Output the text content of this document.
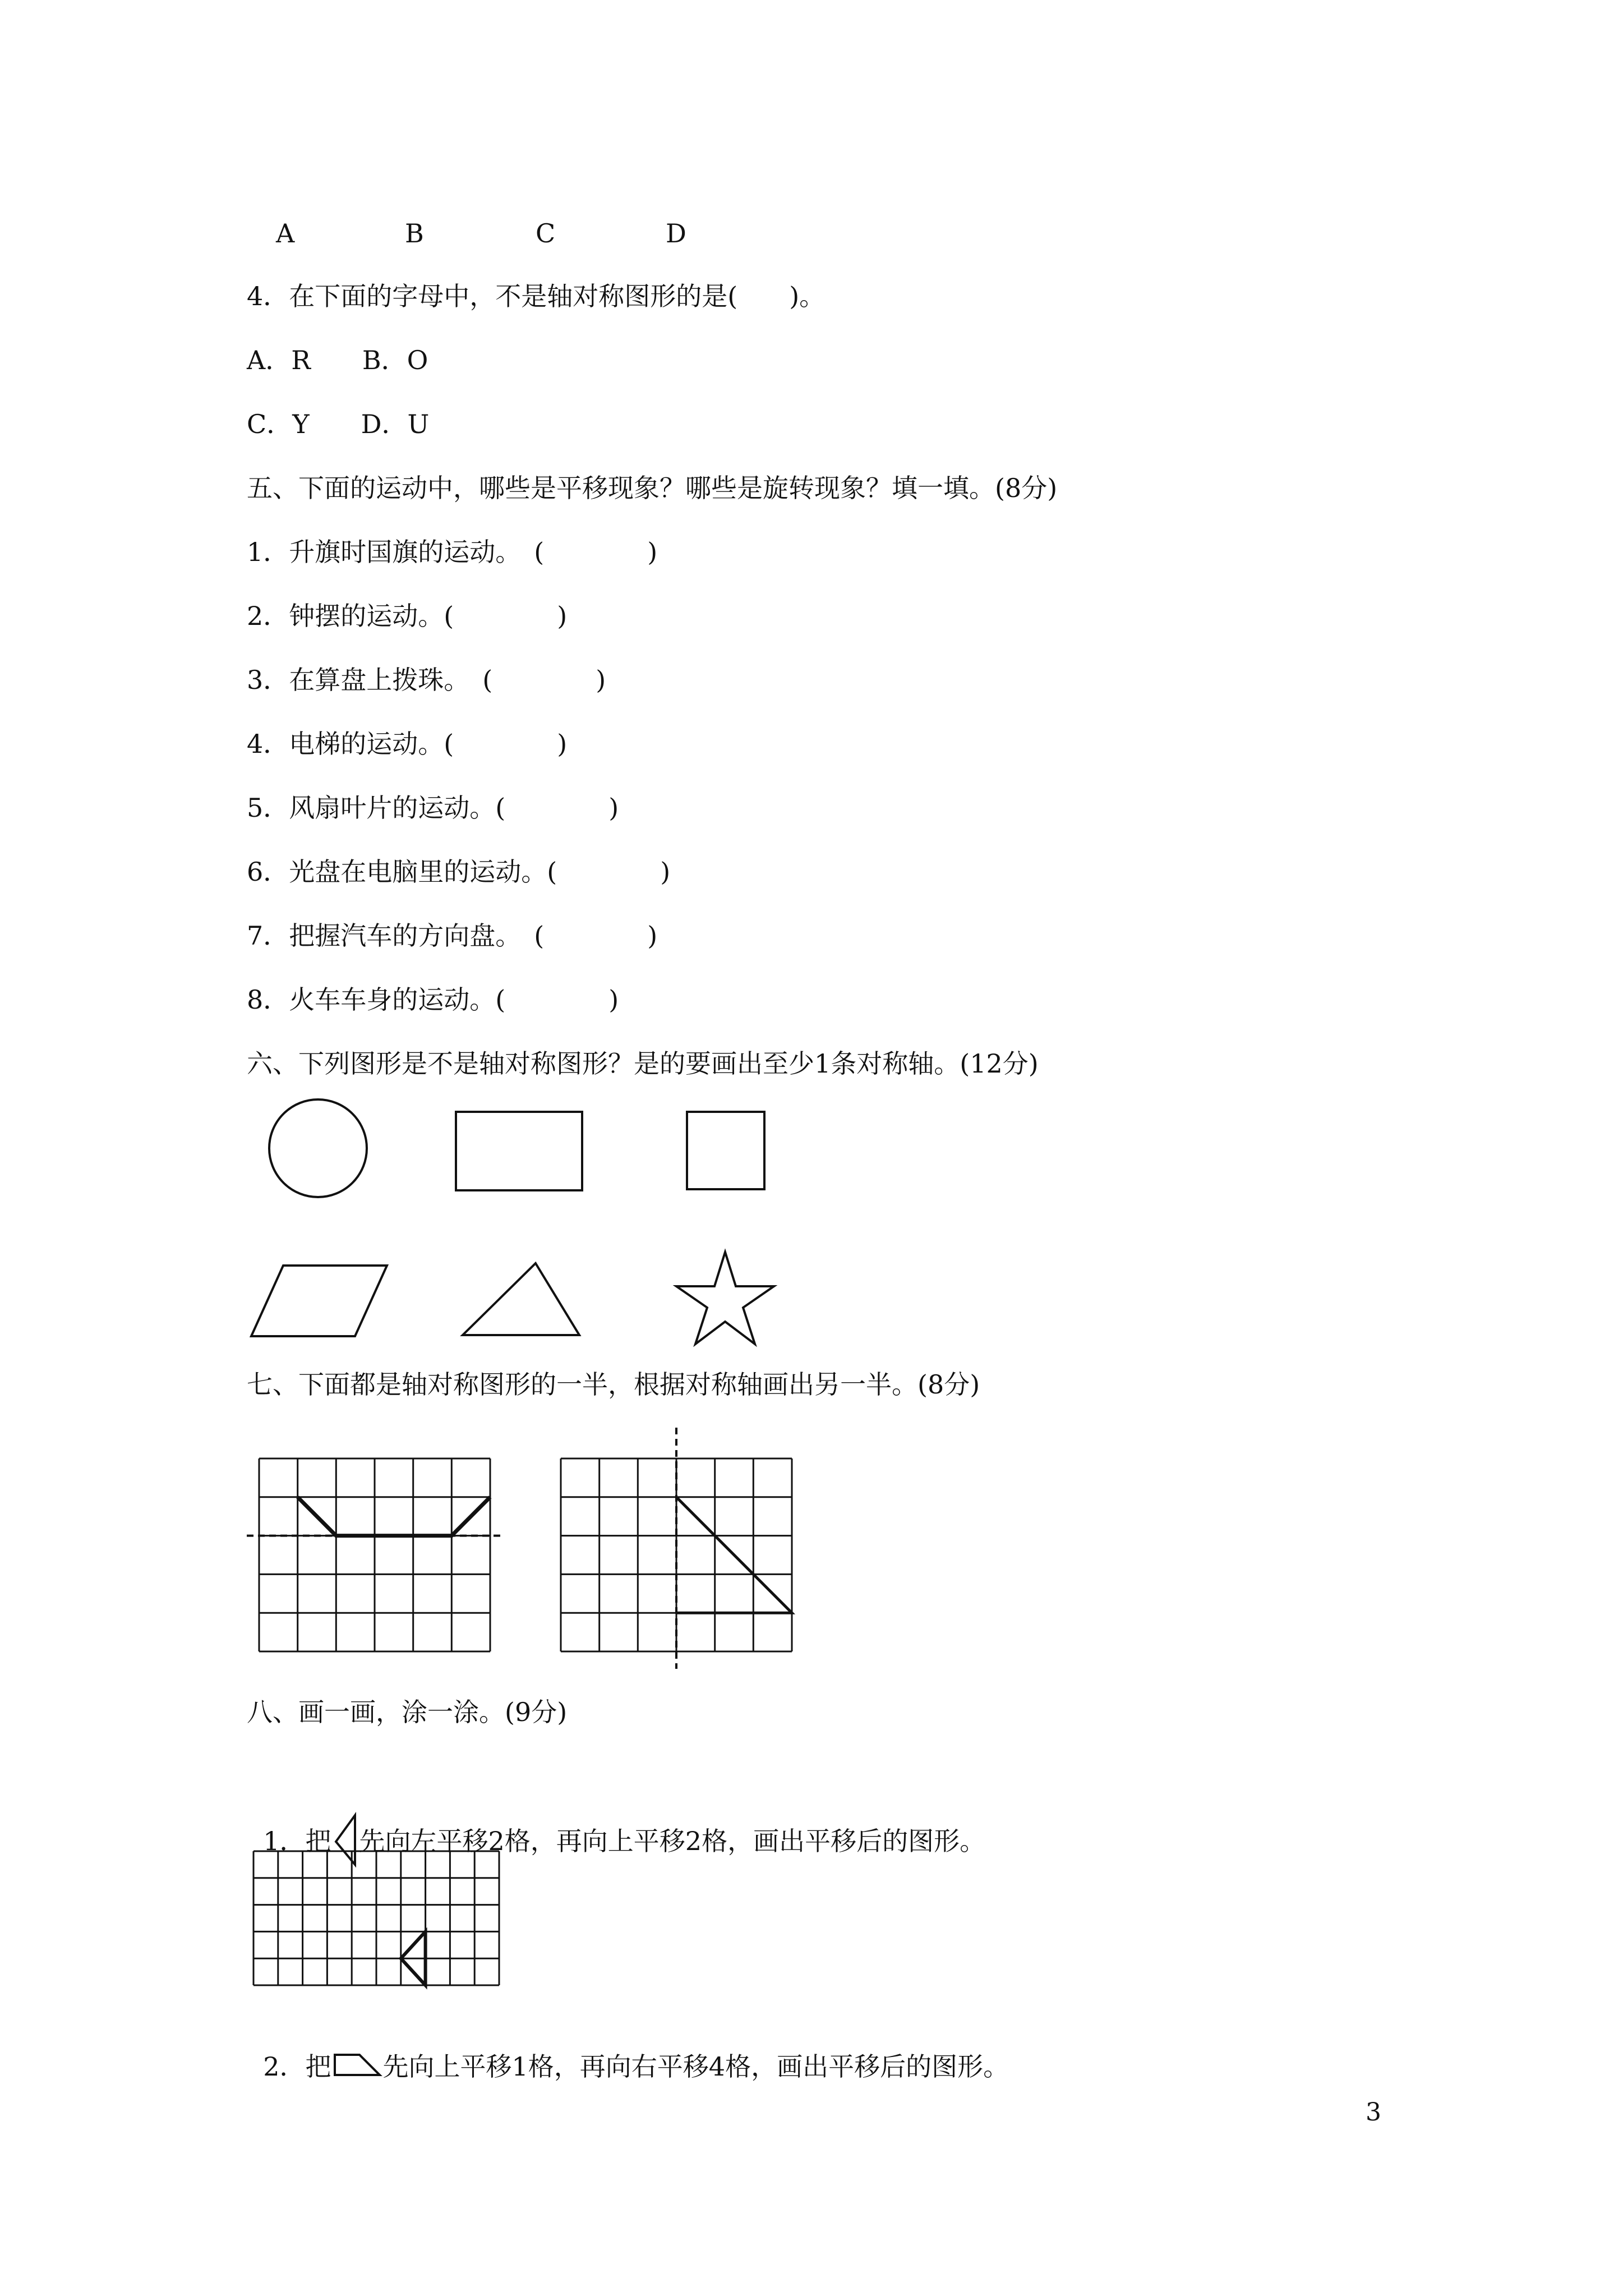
A	B	C	D
4．在下面的字母中，不是轴对称图形的是(　　)。
A．R　　B．O
C．Y　　D．U
五、下面的运动中，哪些是平移现象？哪些是旋转现象？填一填。(8分)
1．升旗时国旗的运动。　(　　　　)
2．钟摆的运动。(　　　　)
3．在算盘上拨珠。　(　　　　)
4．电梯的运动。(　　　　)
5．风扇叶片的运动。(　　　　)
6．光盘在电脑里的运动。(　　　　)
7．把握汽车的方向盘。　(　　　　)
8．火车车身的运动。(　　　　)
六、下列图形是不是轴对称图形？是的要画出至少1条对称轴。(12分)
七、下面都是轴对称图形的一半，根据对称轴画出另一半。(8分)
八、画一画，涂一涂。(9分)

1．把 先向左平移2格，再向上平移2格，画出平移后的图形。

2．把 先向上平移1格，再向右平移4格，画出平移后的图形。

3
